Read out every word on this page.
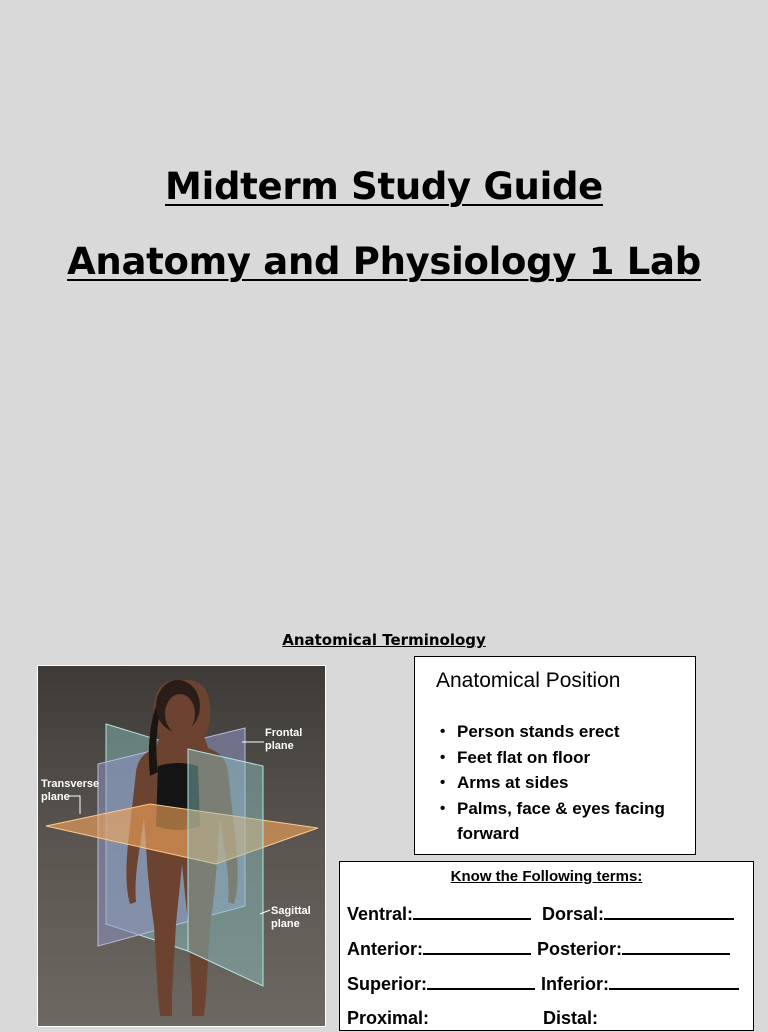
Midterm Study Guide
Anatomy and Physiology 1 Lab
Anatomical Terminology
Frontal
plane
Transverse
plane
Sagittal
plane
Anatomical Position
• Person stands erect
• Feet flat on floor
• Arms at sides
• Palms, face & eyes facing forward
Know the Following terms:
Ventral:	Dorsal:
Anterior:	Posterior:
Superior:	Inferior:
Proximal:	Distal:
